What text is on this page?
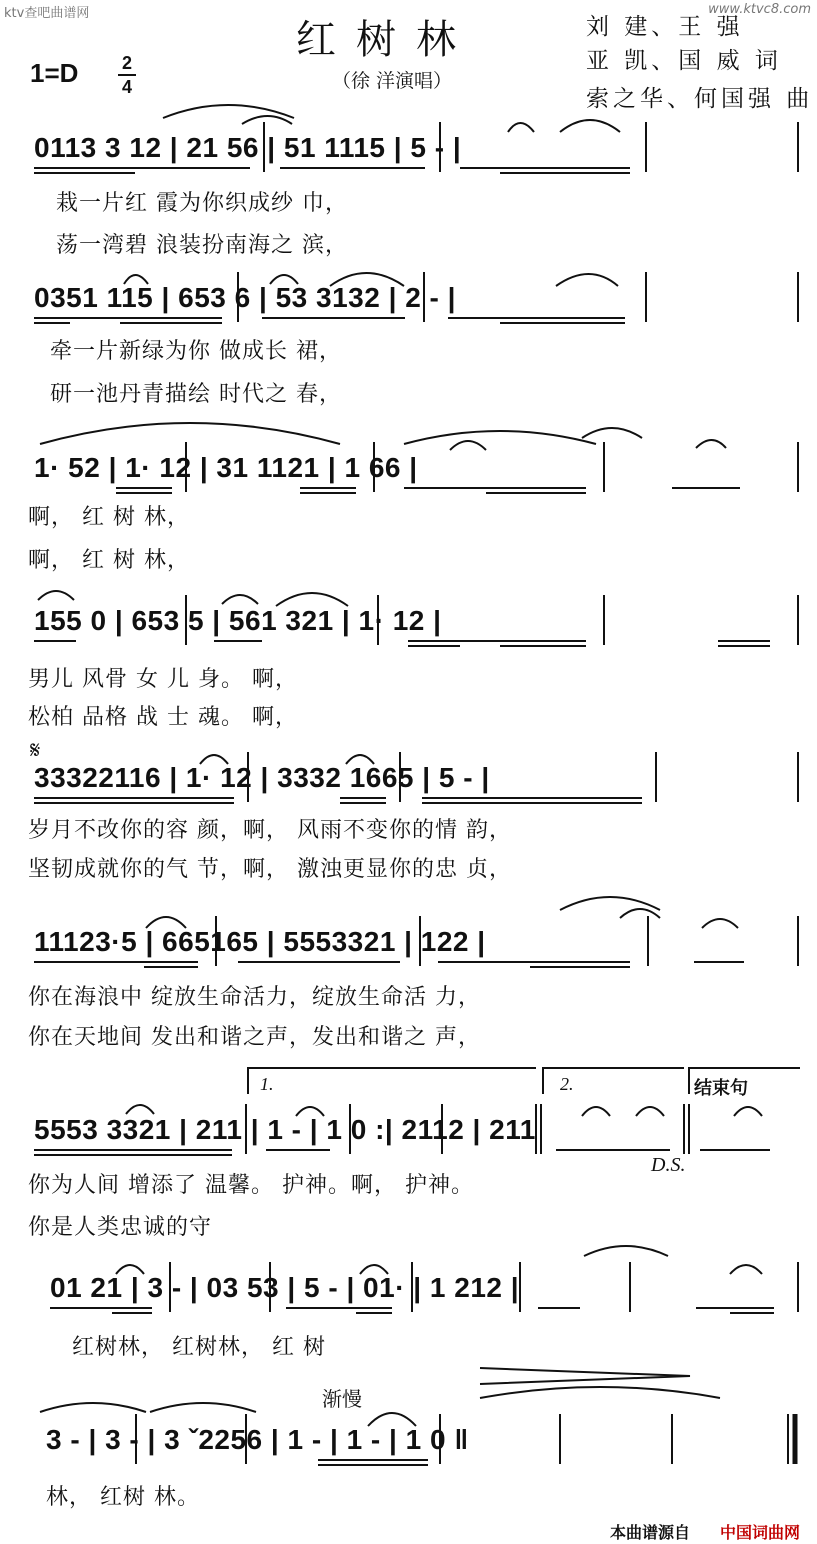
ktv查吧曲谱网	www.ktvc8.com
红树林
（徐 洋演唱）
刘 建、王 强
亚 凯、国 威 词
索之华、何国强 曲
1=D 2
4
0113 3 12 | 21 56 | 51 1115 | 5 - |
栽一片红 霞为你织成纱 巾，
荡一湾碧 浪装扮南海之 滨，
0351 115 | 653 6 | 53 3132 | 2 - |
牵一片新绿为你 做成长 裙，
研一池丹青描绘 时代之 春，
1· 52 | 1· 12 | 31 1121 | 1 66 |
啊， 红 树 林，
啊， 红 树 林，
155 0 | 653 5 | 561 321 | 1· 12 |
男儿 风骨 女 儿 身。 啊，
松柏 品格 战 士 魂。 啊，
𝄋
33322116 | 1· 12 | 3332 1665 | 5 - |
岁月不改你的容 颜，啊， 风雨不变你的情 韵，
坚韧成就你的气 节，啊， 激浊更显你的忠 贞，
11123·5 | 665165 | 5553321 | 122 |
你在海浪中 绽放生命活力，绽放生命活 力，
你在天地间 发出和谐之声，发出和谐之 声，
1.	2.	结束句
5553 3321 | 211 | 1 - | 1 0 :| 2112 | 211
D.S.
你为人间 增添了 温馨。 护神。啊， 护神。
你是人类忠诚的守
01 21 | 3 - | 03 53 | 5 - | 01· | 1 212 |
红树林， 红树林， 红 树
渐慢
3 - | 3 - | 3 ˇ2256 | 1 - | 1 - | 1 0 ‖
林， 红树 林。
本曲谱源自 中国词曲网
